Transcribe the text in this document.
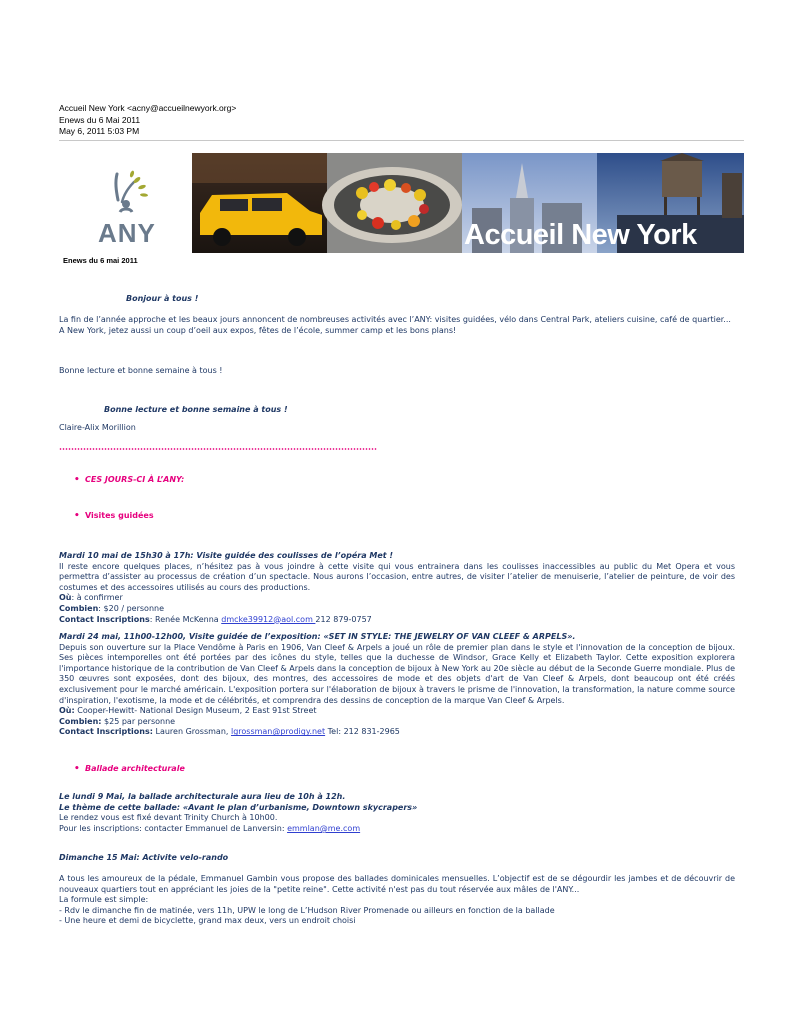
Accueil New York <acny@accueilnewyork.org>
Enews du 6 Mai 2011
May 6, 2011 5:03 PM
ANY
Enews du 6 mai 2011
Accueil New York
Bonjour à tous !

La fin de l’année approche et les beaux jours annoncent de nombreuses activités avec l’ANY: visites guidées, vélo dans Central Park, ateliers cuisine, café de quartier...

A New York, jetez aussi un coup d’oeil aux expos, fêtes de l’école, summer camp et les bons plans!

Bonne lecture et bonne semaine à tous !
Bonne lecture et bonne semaine à tous !
Claire-Alix Morillion
• CES JOURS-CI À L’ANY:
• Visites guidées

Mardi 10 mai de 15h30 à 17h: Visite guidée des coulisses de l’opéra Met !

Il reste encore quelques places, n’hésitez pas à vous joindre à cette visite qui vous entrainera dans les coulisses inaccessibles au public du Met Opera et vous permettra d’assister au processus de création d’un spectacle. Nous aurons l’occasion, entre autres, de visiter l’atelier de menuiserie, l’atelier de peinture, de voir des costumes et des accessoires utilisés au cours des productions.

Où: à confirmer

Combien: $20 / personne

Contact Inscriptions: Renée McKenna dmcke39912@aol.com 212 879-0757

Mardi 24 mai, 11h00-12h00, Visite guidée de l’exposition: «SET IN STYLE: THE JEWELRY OF VAN CLEEF & ARPELS».

Depuis son ouverture sur la Place Vendôme à Paris en 1906, Van Cleef & Arpels a joué un rôle de premier plan dans le style et l'innovation de la conception de bijoux. Ses pièces intemporelles ont été portées par des icônes du style, telles que la duchesse de Windsor, Grace Kelly et Elizabeth Taylor. Cette exposition explorera l'importance historique de la contribution de Van Cleef & Arpels dans la conception de bijoux à New York au 20e siècle au début de la Seconde Guerre mondiale. Plus de 350 œuvres sont exposées, dont des bijoux, des montres, des accessoires de mode et des objets d'art de Van Cleef & Arpels, dont beaucoup ont été créés exclusivement pour le marché américain. L'exposition portera sur l'élaboration de bijoux à travers le prisme de l'innovation, la transformation, la nature comme source d'inspiration, l'exotisme, la mode et de célébrités, et comprendra des dessins de conception de la marque Van Cleef & Arpels.

Où: Cooper-Hewitt- National Design Museum, 2 East 91st Street

Combien: $25 par personne

Contact Inscriptions: Lauren Grossman, lgrossman@prodigy.net Tel: 212 831-2965

• Ballade architecturale

Le lundi 9 Mai, la ballade architecturale aura lieu de 10h à 12h.

Le thème de cette ballade: «Avant le plan d’urbanisme, Downtown skycrapers»

Le rendez vous est fixé devant Trinity Church à 10h00.

Pour les inscriptions: contacter Emmanuel de Lanversin: emmlan@me.com

Dimanche 15 Mai: Activite velo-rando

A tous les amoureux de la pédale, Emmanuel Gambin vous propose des ballades dominicales mensuelles. L’objectif est de se dégourdir les jambes et de découvrir de nouveaux quartiers tout en appréciant les joies de la "petite reine". Cette activité n'est pas du tout réservée aux mâles de l'ANY...

La formule est simple:

- Rdv le dimanche fin de matinée, vers 11h, UPW le long de L’Hudson River Promenade ou ailleurs en fonction de la ballade

- Une heure et demi de bicyclette, grand max deux, vers un endroit choisi
